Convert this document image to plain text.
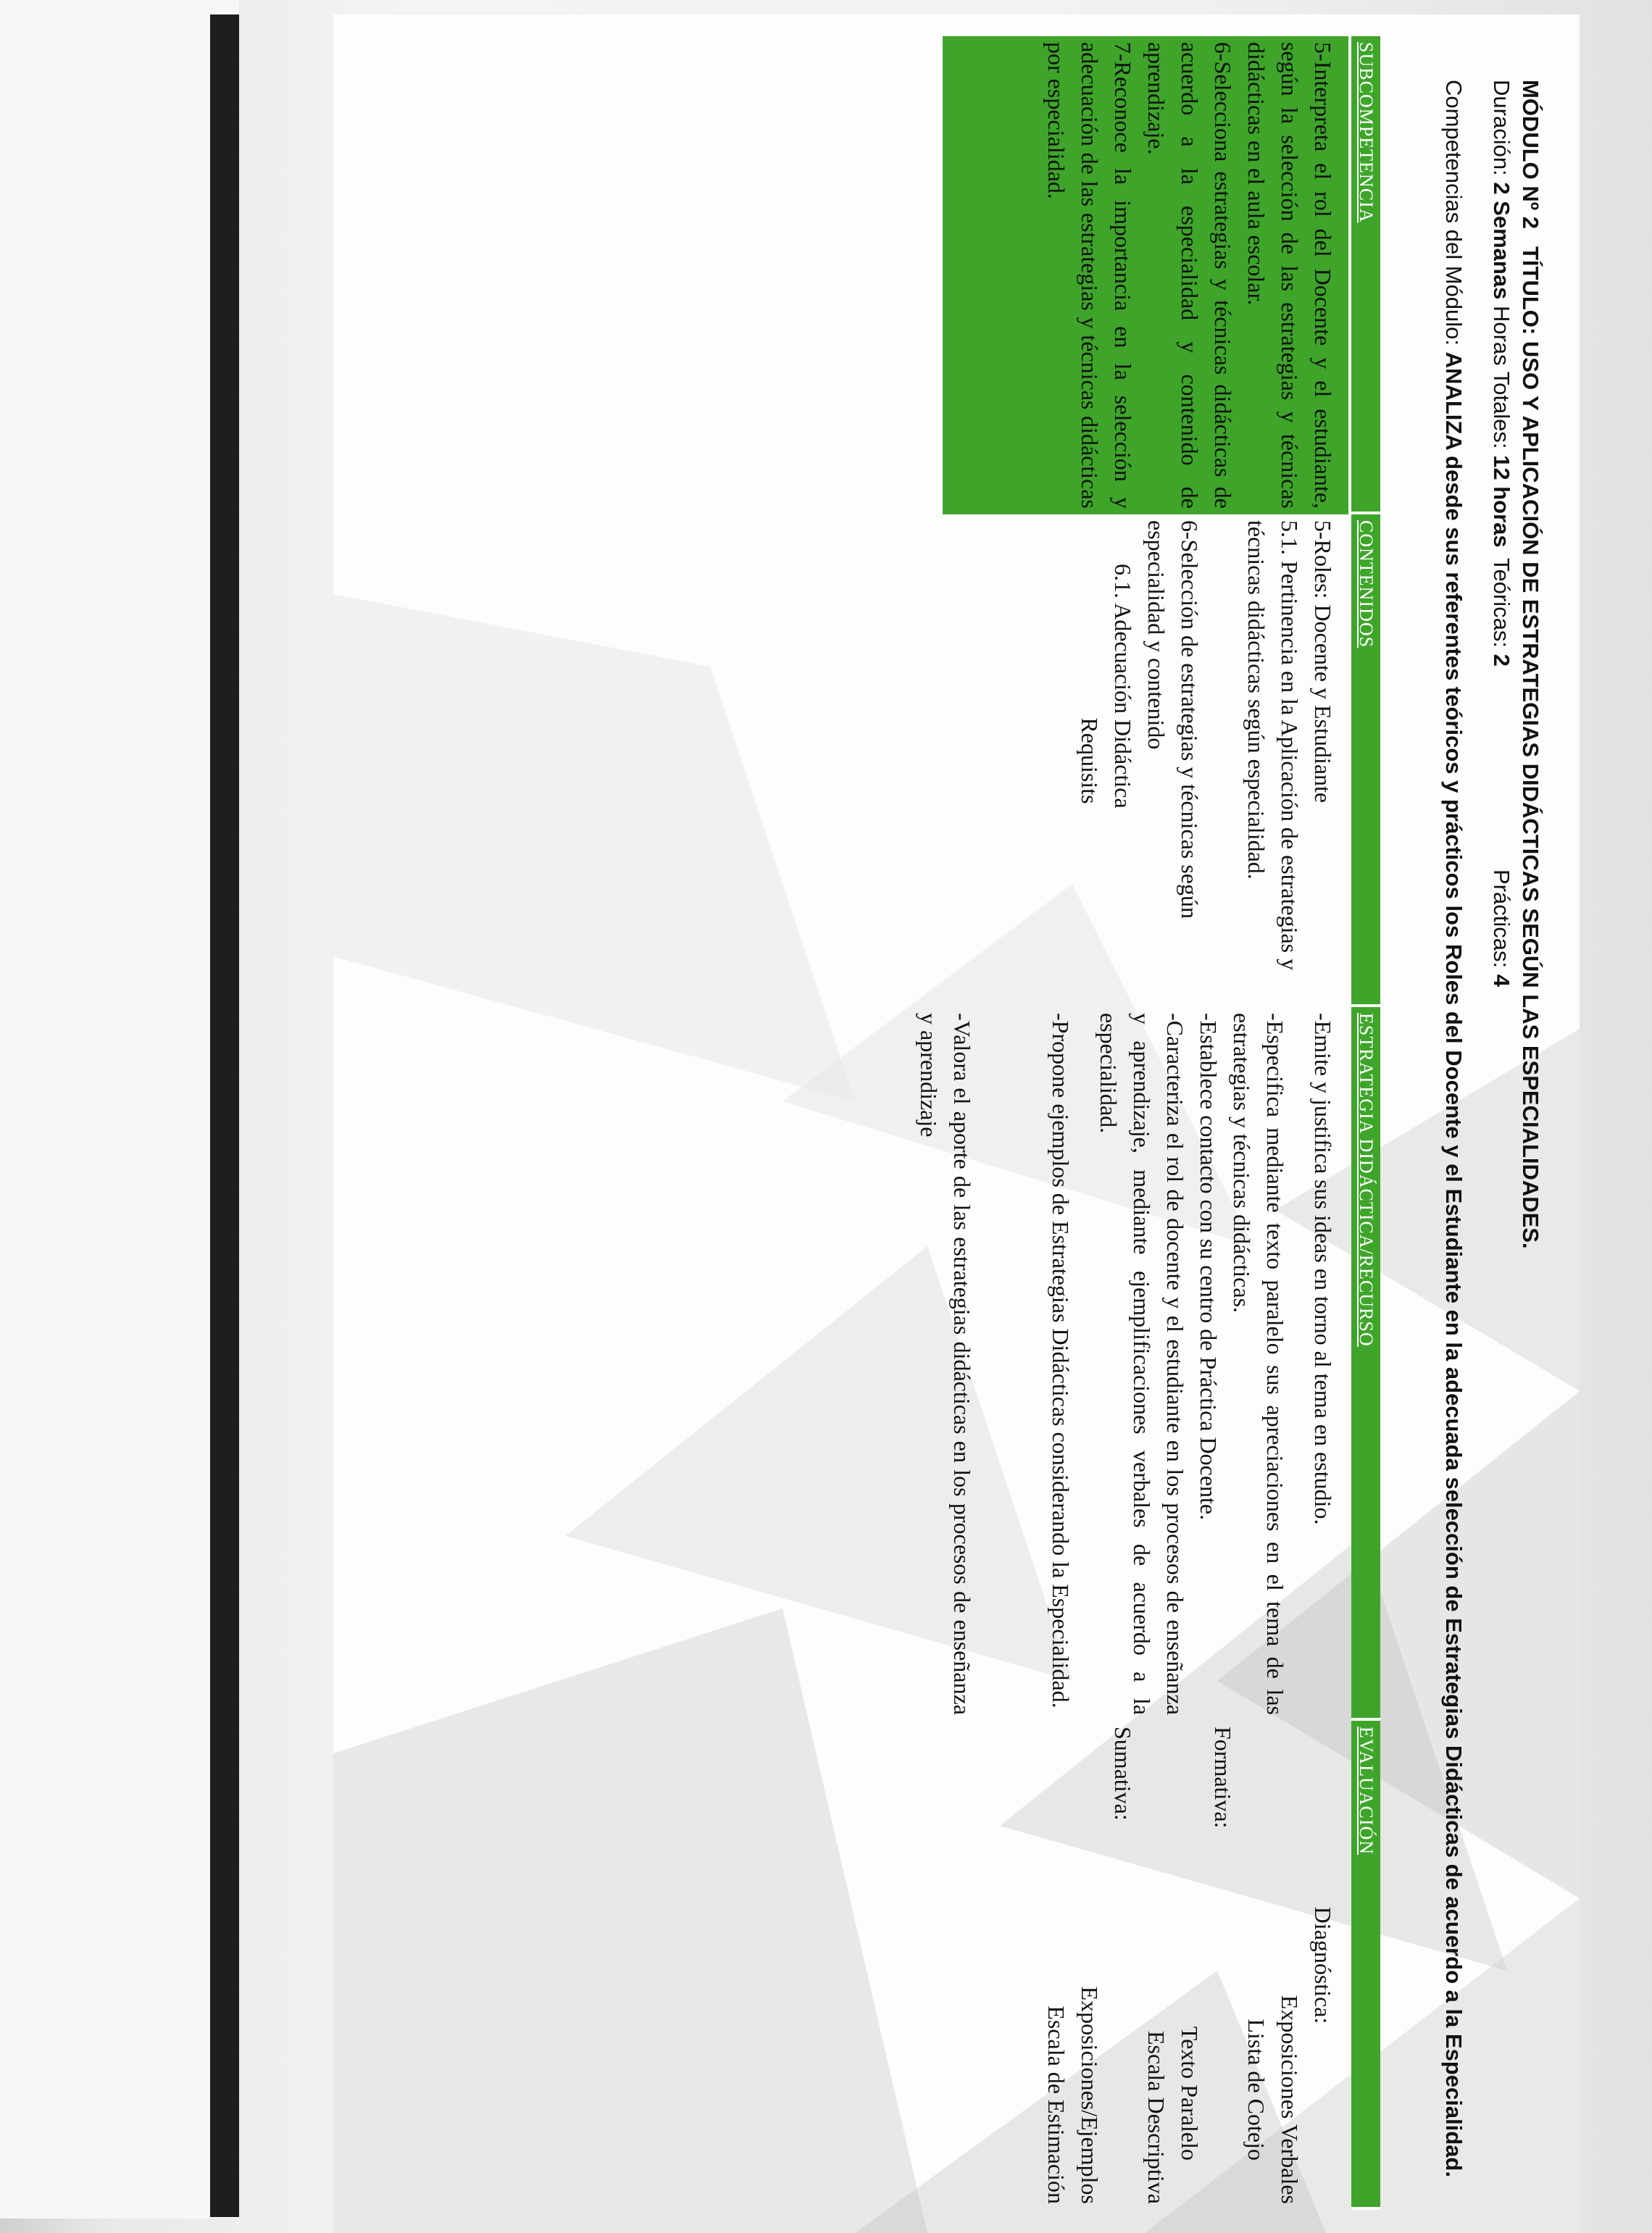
MÓDULO Nº 2
TÍTULO:

USO Y APLICACIÓN DE ESTRATEGIAS DIDÁCTICAS SEGÚN LAS ESPECIALIDADES.
Duración: 2 Semanas Horas Totales: 12 horas
Teóricas: 2
Prácticas: 4
Competencias del Módulo: ANALIZA desde sus referentes teóricos y prácticos los Roles del Docente y el Estudiante en la adecuada selección de Estrategias Didácticas de acuerdo a la Especialidad.
SUBCOMPETENCIA
CONTENIDOS
ESTRATEGIA DIDÁCTICA/RECURSO
EVALUACIÓN

5-Interpreta el rol del Docente y el estudiante, según la selección de las estrategias y técnicas didácticas en el aula escolar.

6-Selecciona estrategias y técnicas didácticas de acuerdo a la especialidad y contenido de aprendizaje.

7-Reconoce la importancia en la selección y adecuación de las estrategias y técnicas didácticas por especialidad.

5-Roles: Docente y Estudiante

5.1. Pertinencia en la Aplicación de estrategias y técnicas didácticas según especialidad.

6-Selección de estrategias y técnicas según especialidad y contenido

6.1. Adecuación Didáctica

Requisits

-Emite y justifica sus ideas en torno al tema en estudio.

-Especifica mediante texto paralelo sus apreciaciones en el tema de las estrategias y técnicas didácticas.

-Establece contacto con su centro de Práctica Docente.

-Caracteriza el rol de docente y el estudiante en los procesos de enseñanza y aprendizaje, mediante ejemplificaciones verbales de acuerdo a la especialidad.

-Propone ejemplos de Estrategias Didácticas considerando la Especialidad.

-Valora el aporte de las estrategias didácticas en los procesos de enseñanza y aprendizaje

Diagnóstica:

Exposiciones Verbales

Lista de Cotejo

Formativa:

Texto Paralelo

Escala Descriptiva

Sumativa:

Exposiciones/Ejemplos

Escala de Estimación
